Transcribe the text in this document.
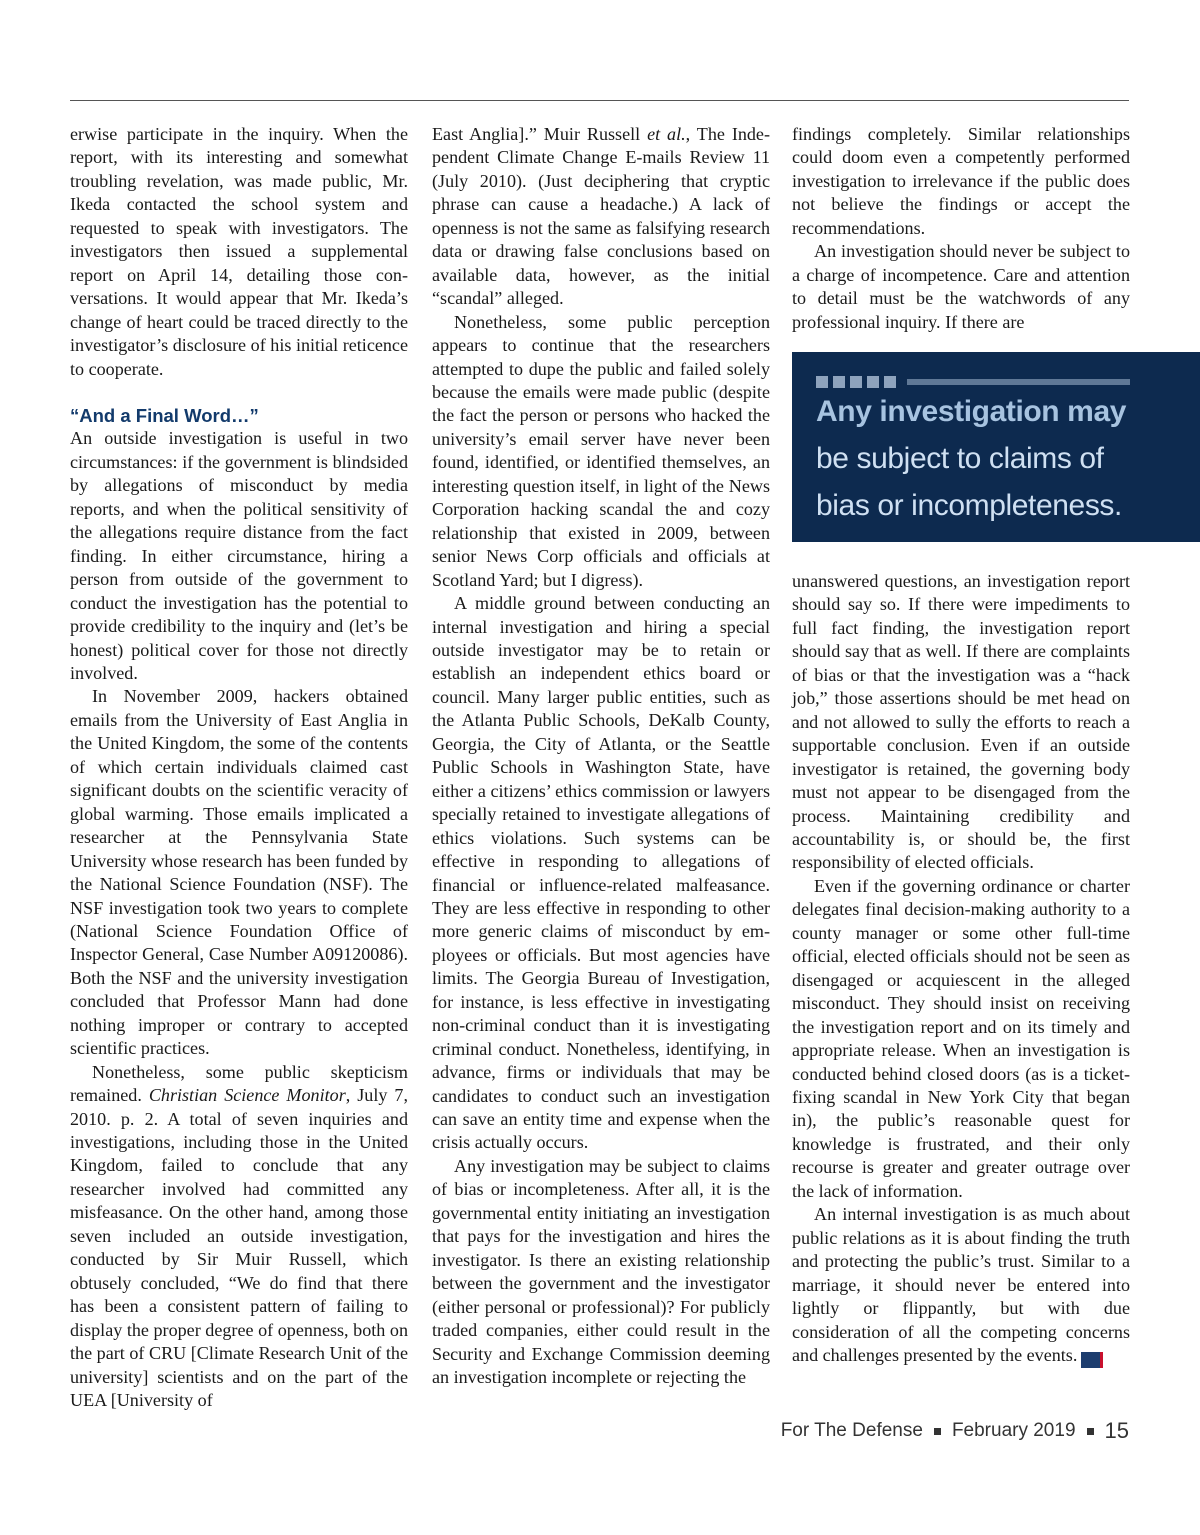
erwise participate in the inquiry. When the report, with its interesting and somewhat troubling revelation, was made public, Mr. Ikeda contacted the school system and requested to speak with investigators. The investigators then issued a supplemental report on April 14, detailing those conversations. It would appear that Mr. Ikeda’s change of heart could be traced directly to the investigator’s disclosure of his initial reticence to cooperate.

“And a Final Word…”

An outside investigation is useful in two circumstances: if the government is blindsided by allegations of misconduct by media reports, and when the political sensitivity of the allegations require distance from the fact finding. In either circumstance, hiring a person from outside of the government to conduct the investigation has the potential to provide credibility to the inquiry and (let’s be honest) political cover for those not directly involved.

In November 2009, hackers obtained emails from the University of East Anglia in the United Kingdom, the some of the contents of which certain individuals claimed cast significant doubts on the scientific veracity of global warming. Those emails implicated a researcher at the Pennsylvania State University whose research has been funded by the National Science Foundation (NSF). The NSF investigation took two years to complete (National Science Foundation Office of Inspector General, Case Number A09120086). Both the NSF and the university investigation concluded that Professor Mann had done nothing improper or contrary to accepted scientific practices.

Nonetheless, some public skepticism remained. Christian Science Monitor, July 7, 2010. p. 2. A total of seven inquiries and investigations, including those in the United Kingdom, failed to conclude that any researcher involved had committed any misfeasance. On the other hand, among those seven included an outside investigation, conducted by Sir Muir Russell, which obtusely concluded, “We do find that there has been a consistent pattern of failing to display the proper degree of openness, both on the part of CRU [Climate Research Unit of the university] scientists and on the part of the UEA [University of

East Anglia].” Muir Russell et al., The Independent Climate Change E-mails Review 11 (July 2010). (Just deciphering that cryptic phrase can cause a headache.) A lack of openness is not the same as falsifying research data or drawing false conclusions based on available data, however, as the initial “scandal” alleged.

Nonetheless, some public perception appears to continue that the researchers attempted to dupe the public and failed solely because the emails were made public (despite the fact the person or persons who hacked the university’s email server have never been found, identified, or identified themselves, an interesting question itself, in light of the News Corporation hacking scandal the and cozy relationship that existed in 2009, between senior News Corp officials and officials at Scotland Yard; but I digress).

A middle ground between conducting an internal investigation and hiring a special outside investigator may be to retain or establish an independent ethics board or council. Many larger public entities, such as the Atlanta Public Schools, DeKalb County, Georgia, the City of Atlanta, or the Seattle Public Schools in Washington State, have either a citizens’ ethics commission or lawyers specially retained to investigate allegations of ethics violations. Such systems can be effective in responding to allegations of financial or influence-related malfeasance. They are less effective in responding to other more generic claims of misconduct by employees or officials. But most agencies have limits. The Georgia Bureau of Investigation, for instance, is less effective in investigating non-criminal conduct than it is investigating criminal conduct. Nonetheless, identifying, in advance, firms or individuals that may be candidates to conduct such an investigation can save an entity time and expense when the crisis actually occurs.

Any investigation may be subject to claims of bias or incompleteness. After all, it is the governmental entity initiating an investigation that pays for the investigation and hires the investigator. Is there an existing relationship between the government and the investigator (either personal or professional)? For publicly traded companies, either could result in the Security and Exchange Commission deeming an investigation incomplete or rejecting the

findings completely. Similar relationships could doom even a competently performed investigation to irrelevance if the public does not believe the findings or accept the recommendations.

An investigation should never be subject to a charge of incompetence. Care and attention to detail must be the watchwords of any professional inquiry. If there are

Any investigation may
be subject to claims of
bias or incompleteness.

unanswered questions, an investigation report should say so. If there were impediments to full fact finding, the investigation report should say that as well. If there are complaints of bias or that the investigation was a “hack job,” those assertions should be met head on and not allowed to sully the efforts to reach a supportable conclusion. Even if an outside investigator is retained, the governing body must not appear to be disengaged from the process. Maintaining credibility and accountability is, or should be, the first responsibility of elected officials.

Even if the governing ordinance or charter delegates final decision-making authority to a county manager or some other full-time official, elected officials should not be seen as disengaged or acquiescent in the alleged misconduct. They should insist on receiving the investigation report and on its timely and appropriate release. When an investigation is conducted behind closed doors (as is a ticket-fixing scandal in New York City that began in), the public’s reasonable quest for knowledge is frustrated, and their only recourse is greater and greater outrage over the lack of information.

An internal investigation is as much about public relations as it is about finding the truth and protecting the public’s trust. Similar to a marriage, it should never be entered into lightly or flippantly, but with due consideration of all the competing concerns and challenges presented by the events.	FD

For The Defense February 2019 15
